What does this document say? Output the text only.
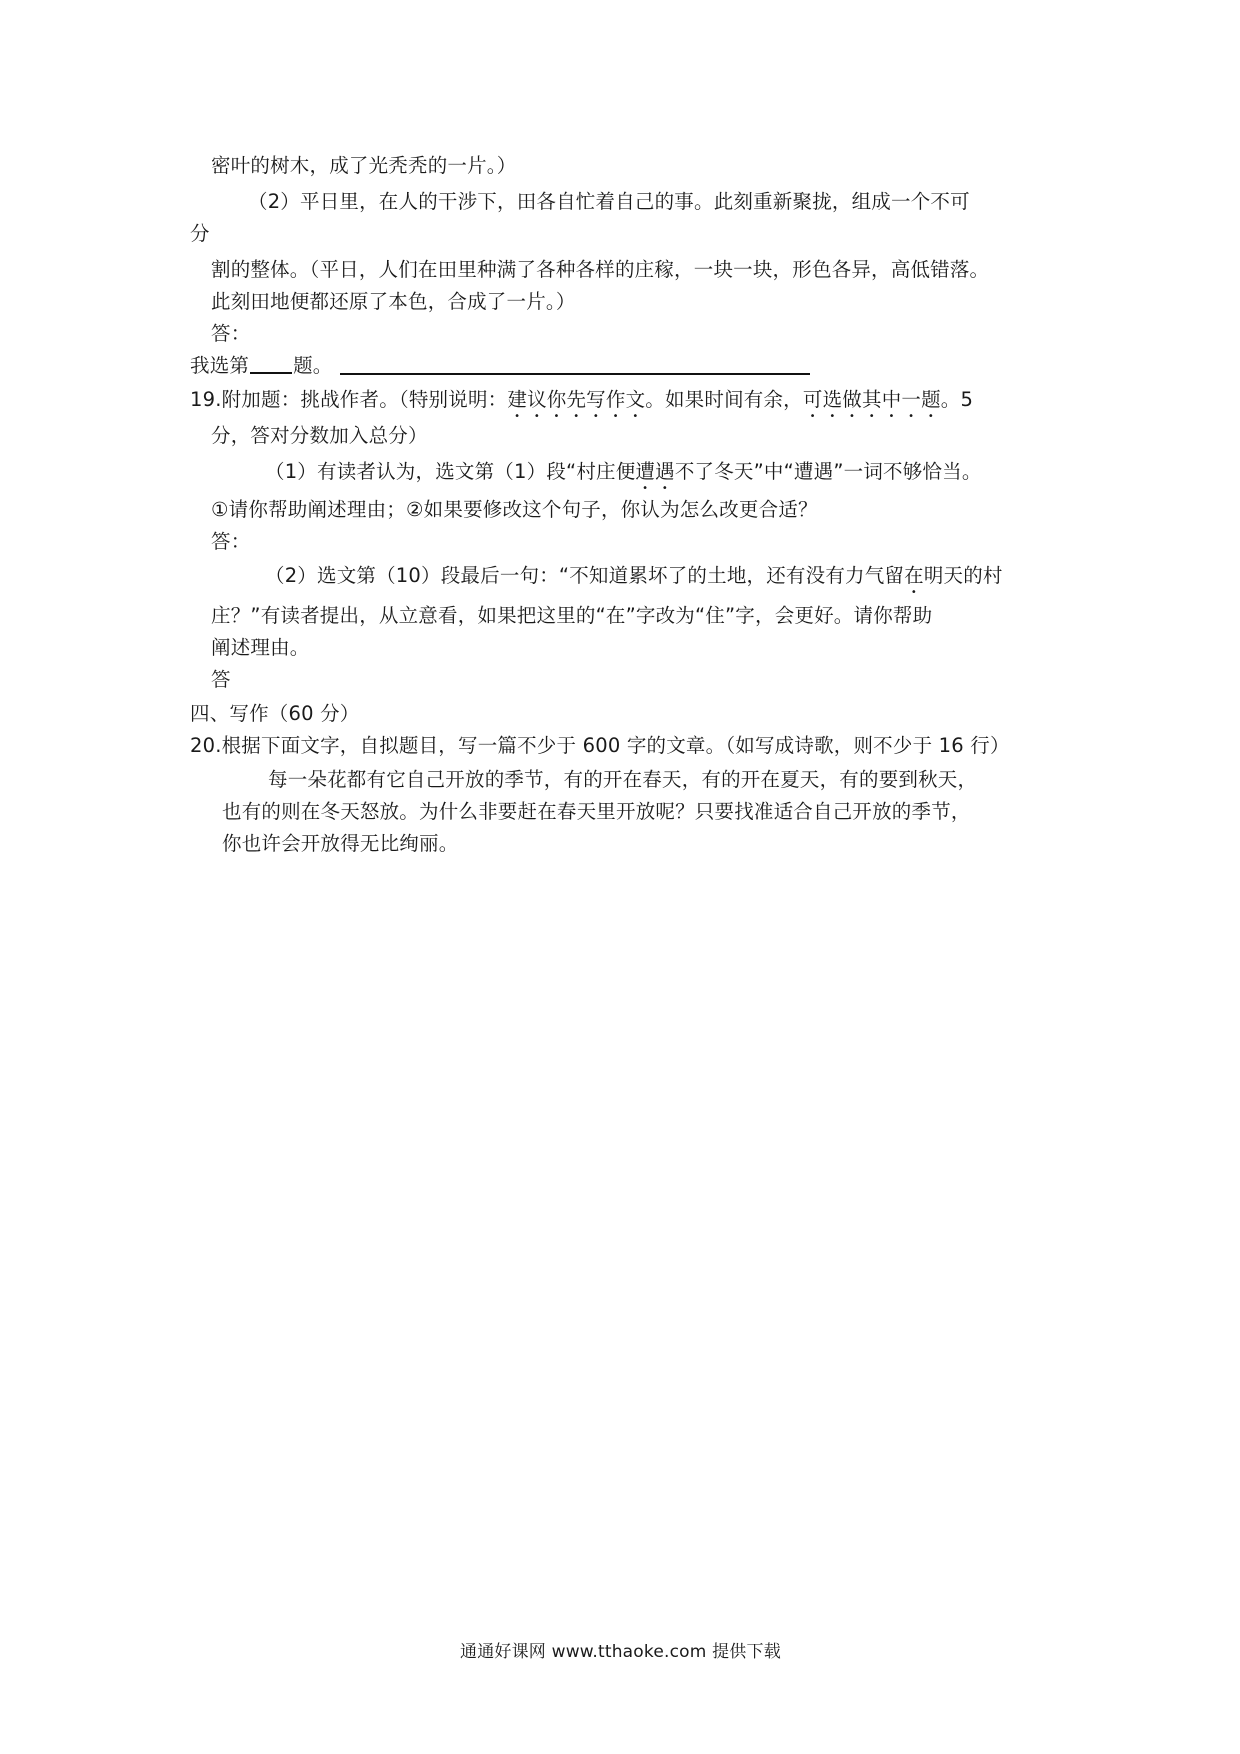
密叶的树木，成了光秃秃的一片。）
（2）平日里，在人的干涉下，田各自忙着自己的事。此刻重新聚拢，组成一个不可
分
割的整体。（平日，人们在田里种满了各种各样的庄稼，一块一块，形色各异，高低错落。
此刻田地便都还原了本色，合成了一片。）
答：
我选第 题。
19.附加题：挑战作者。（特别说明：建议你先写作文。如果时间有余，可选做其中一题。5
分，答对分数加入总分）
（1）有读者认为，选文第（1）段“村庄便遭遇不了冬天”中“遭遇”一词不够恰当。
①请你帮助阐述理由；②如果要修改这个句子，你认为怎么改更合适？
答：
（2）选文第（10）段最后一句：“不知道累坏了的土地，还有没有力气留在明天的村
庄？”有读者提出，从立意看，如果把这里的“在”字改为“住”字，会更好。请你帮助
阐述理由。
答
四、写作（60 分）
20.根据下面文字，自拟题目，写一篇不少于 600 字的文章。（如写成诗歌，则不少于 16 行）
每一朵花都有它自己开放的季节，有的开在春天，有的开在夏天，有的要到秋天，
也有的则在冬天怒放。为什么非要赶在春天里开放呢？只要找准适合自己开放的季节，
你也许会开放得无比绚丽。
通通好课网 www.tthaoke.com 提供下载
